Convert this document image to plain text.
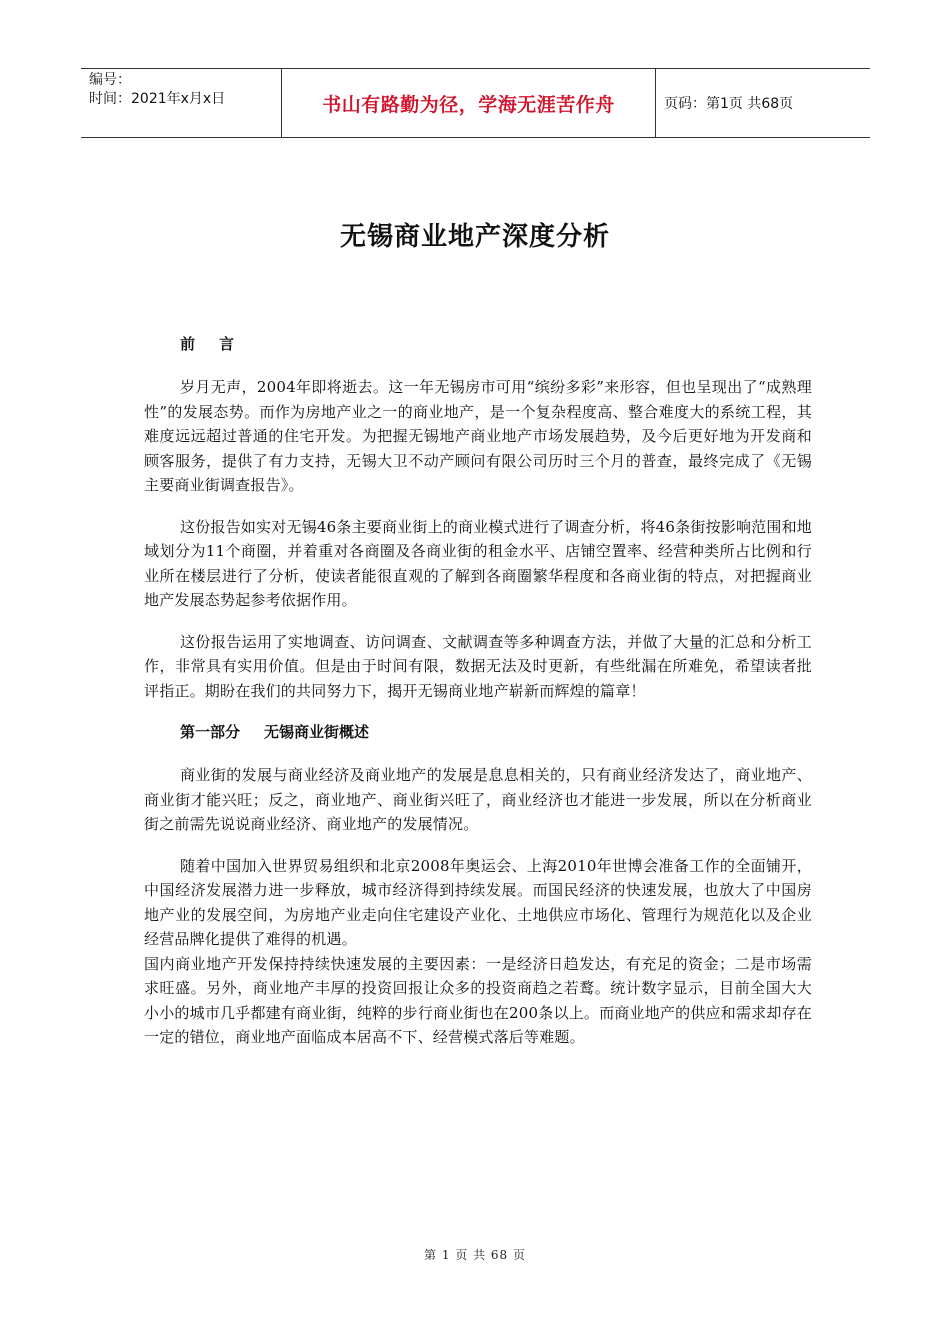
编号：
时间：2021年x月x日	书山有路勤为径，学海无涯苦作舟	页码：第1页 共68页
无锡商业地产深度分析
前 言

岁月无声，2004年即将逝去。这一年无锡房市可用“缤纷多彩”来形容，但也呈现出了“成熟理性”的发展态势。而作为房地产业之一的商业地产，是一个复杂程度高、整合难度大的系统工程，其难度远远超过普通的住宅开发。为把握无锡地产商业地产市场发展趋势，及今后更好地为开发商和顾客服务，提供了有力支持，无锡大卫不动产顾问有限公司历时三个月的普查，最终完成了《无锡主要商业街调查报告》。

这份报告如实对无锡46条主要商业街上的商业模式进行了调查分析，将46条街按影响范围和地域划分为11个商圈，并着重对各商圈及各商业街的租金水平、店铺空置率、经营种类所占比例和行业所在楼层进行了分析，使读者能很直观的了解到各商圈繁华程度和各商业街的特点，对把握商业地产发展态势起参考依据作用。

这份报告运用了实地调查、访问调查、文献调查等多种调查方法，并做了大量的汇总和分析工作，非常具有实用价值。但是由于时间有限，数据无法及时更新，有些纰漏在所难免，希望读者批评指正。期盼在我们的共同努力下，揭开无锡商业地产崭新而辉煌的篇章！

第一部分 无锡商业街概述

商业街的发展与商业经济及商业地产的发展是息息相关的，只有商业经济发达了，商业地产、商业街才能兴旺；反之，商业地产、商业街兴旺了，商业经济也才能进一步发展，所以在分析商业街之前需先说说商业经济、商业地产的发展情况。

随着中国加入世界贸易组织和北京2008年奥运会、上海2010年世博会准备工作的全面铺开，中国经济发展潜力进一步释放，城市经济得到持续发展。而国民经济的快速发展，也放大了中国房地产业的发展空间，为房地产业走向住宅建设产业化、土地供应市场化、管理行为规范化以及企业经营品牌化提供了难得的机遇。

国内商业地产开发保持持续快速发展的主要因素：一是经济日趋发达，有充足的资金；二是市场需求旺盛。另外，商业地产丰厚的投资回报让众多的投资商趋之若鹜。统计数字显示，目前全国大大小小的城市几乎都建有商业街，纯粹的步行商业街也在200条以上。而商业地产的供应和需求却存在一定的错位，商业地产面临成本居高不下、经营模式落后等难题。

第 1 页 共 68 页
